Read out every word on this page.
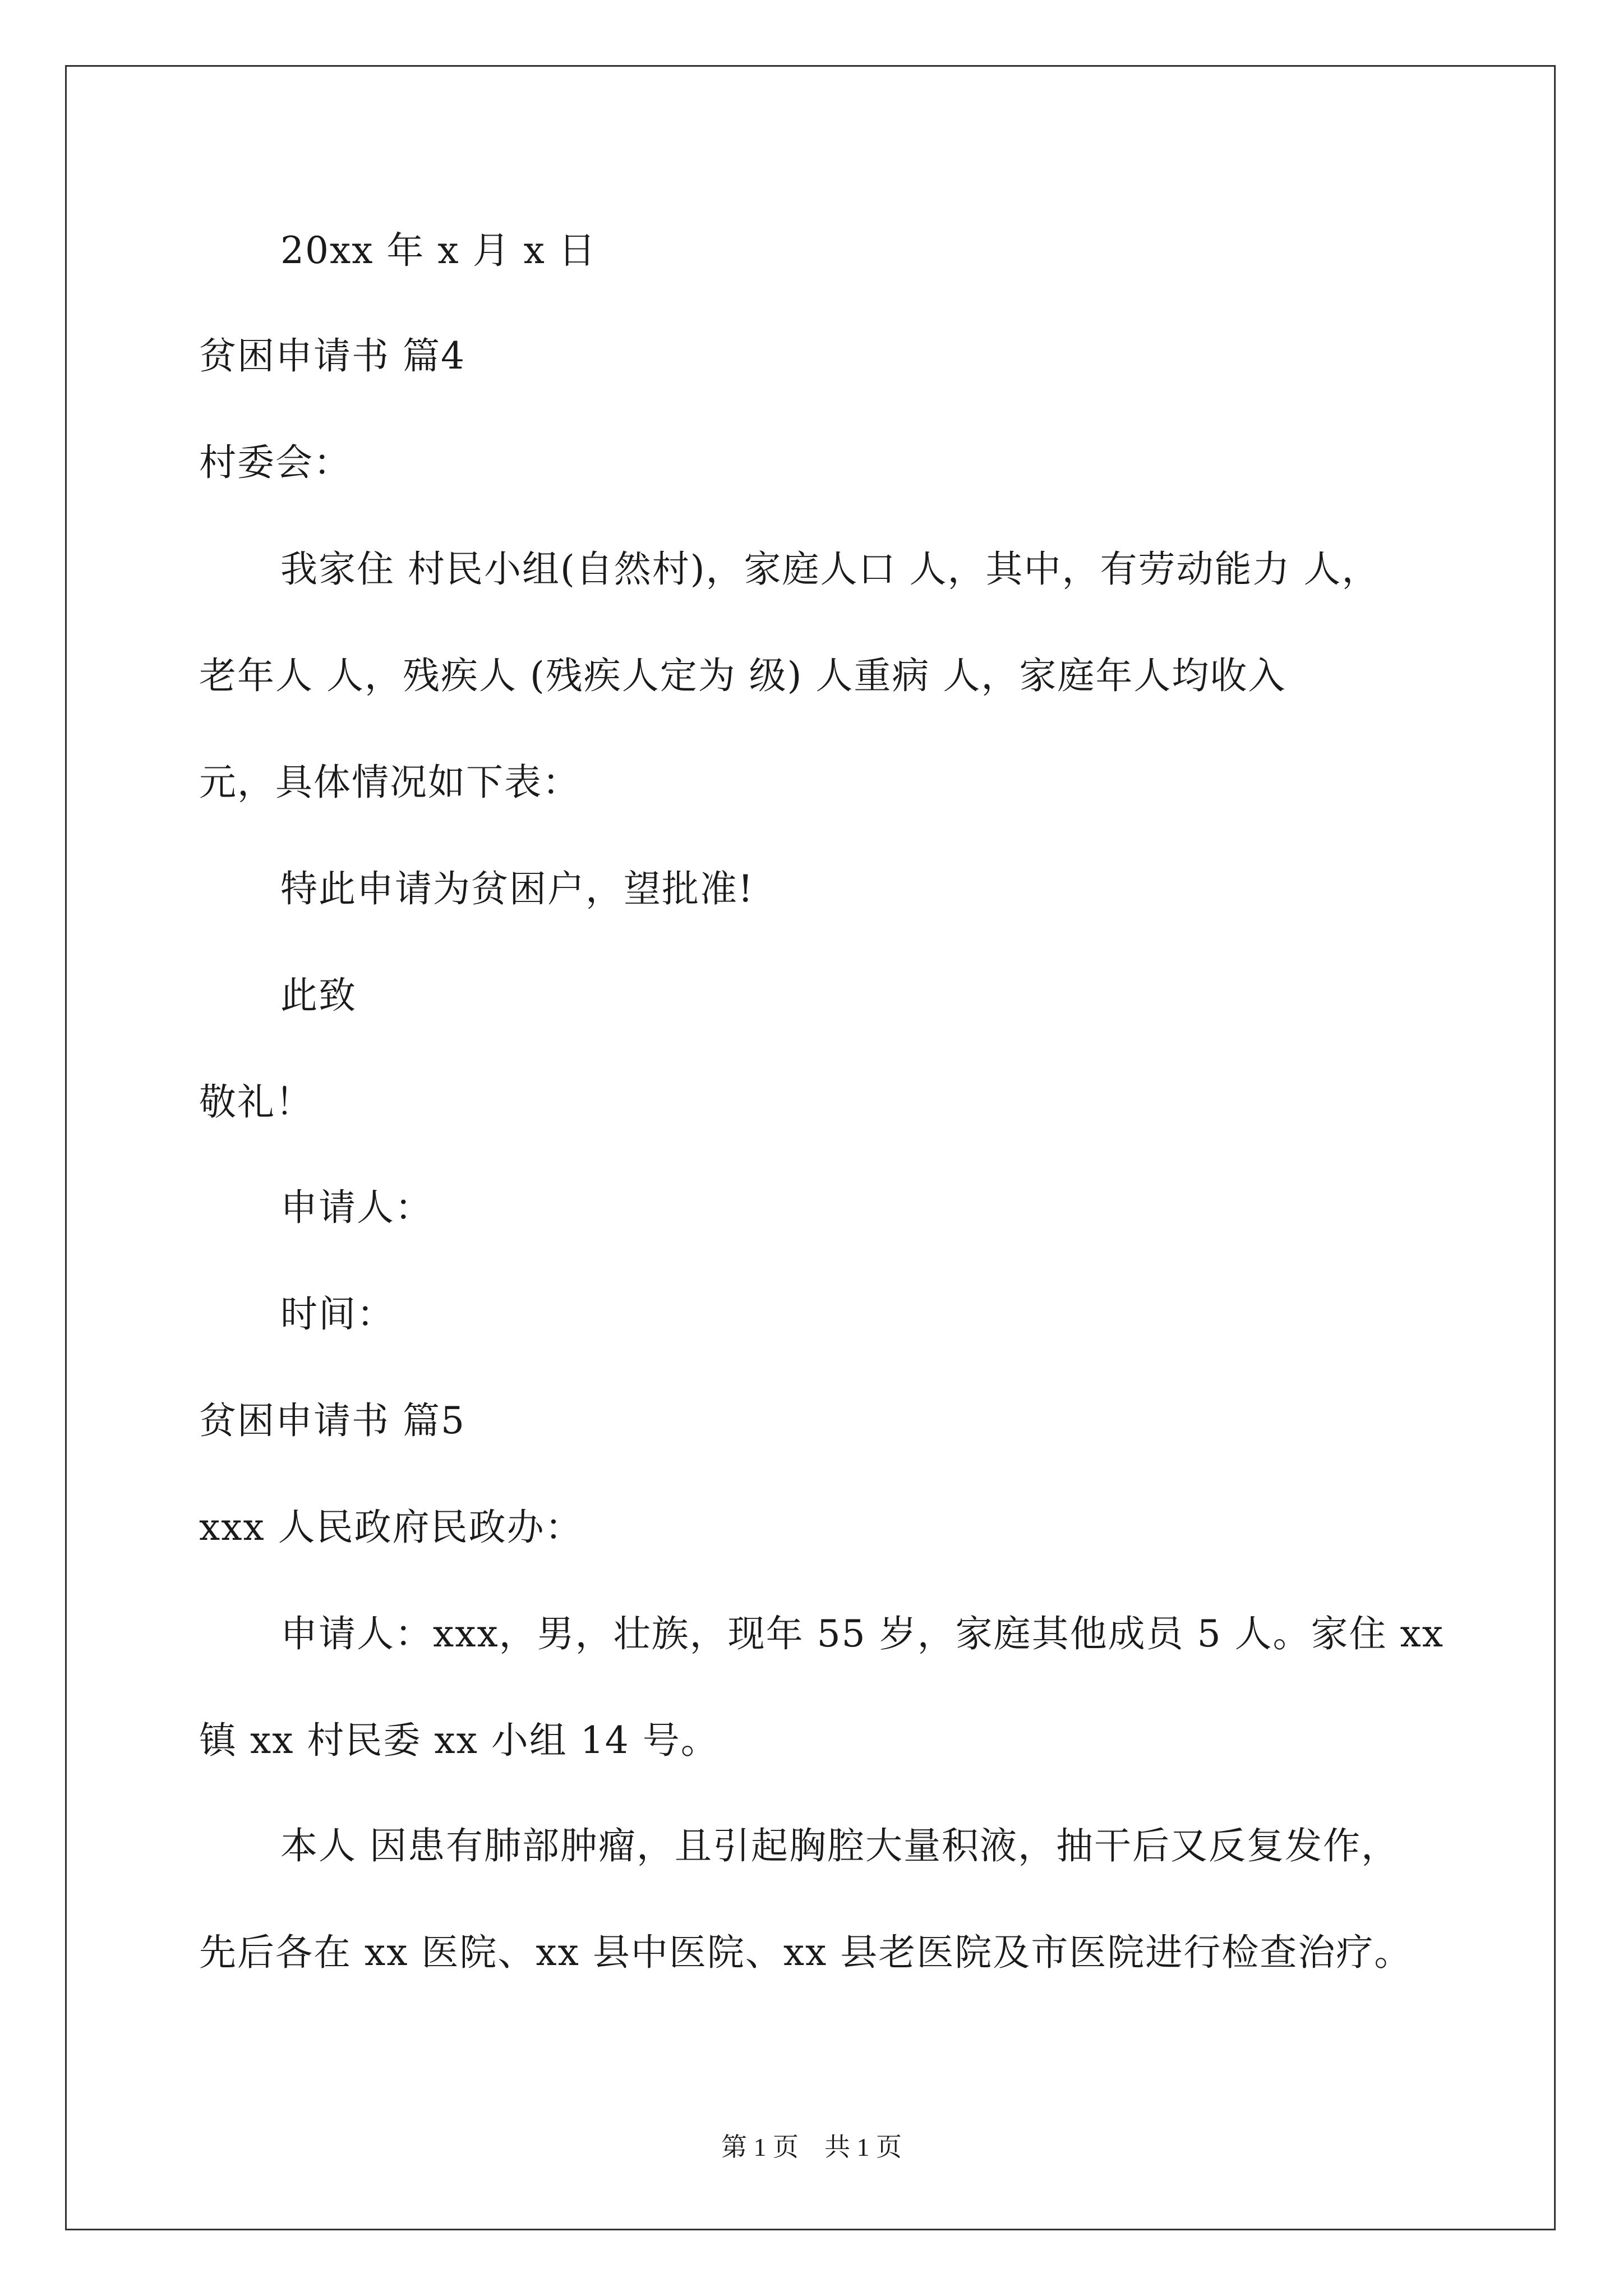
20xx 年 x 月 x 日

贫困申请书 篇4

村委会：

我家住 村民小组(自然村)，家庭人口 人，其中，有劳动能力 人，

老年人 人，残疾人 (残疾人定为 级) 人重病 人，家庭年人均收入

元，具体情况如下表：

特此申请为贫困户，望批准!

此致

敬礼！

申请人：

时间：

贫困申请书 篇5

xxx 人民政府民政办：

申请人：xxx，男，壮族，现年 55 岁，家庭其他成员 5 人。家住 xx

镇 xx 村民委 xx 小组 14 号。

本人 因患有肺部肿瘤，且引起胸腔大量积液，抽干后又反复发作，

先后各在 xx 医院、xx 县中医院、xx 县老医院及市医院进行检查治疗。

第 1 页　共 1 页
